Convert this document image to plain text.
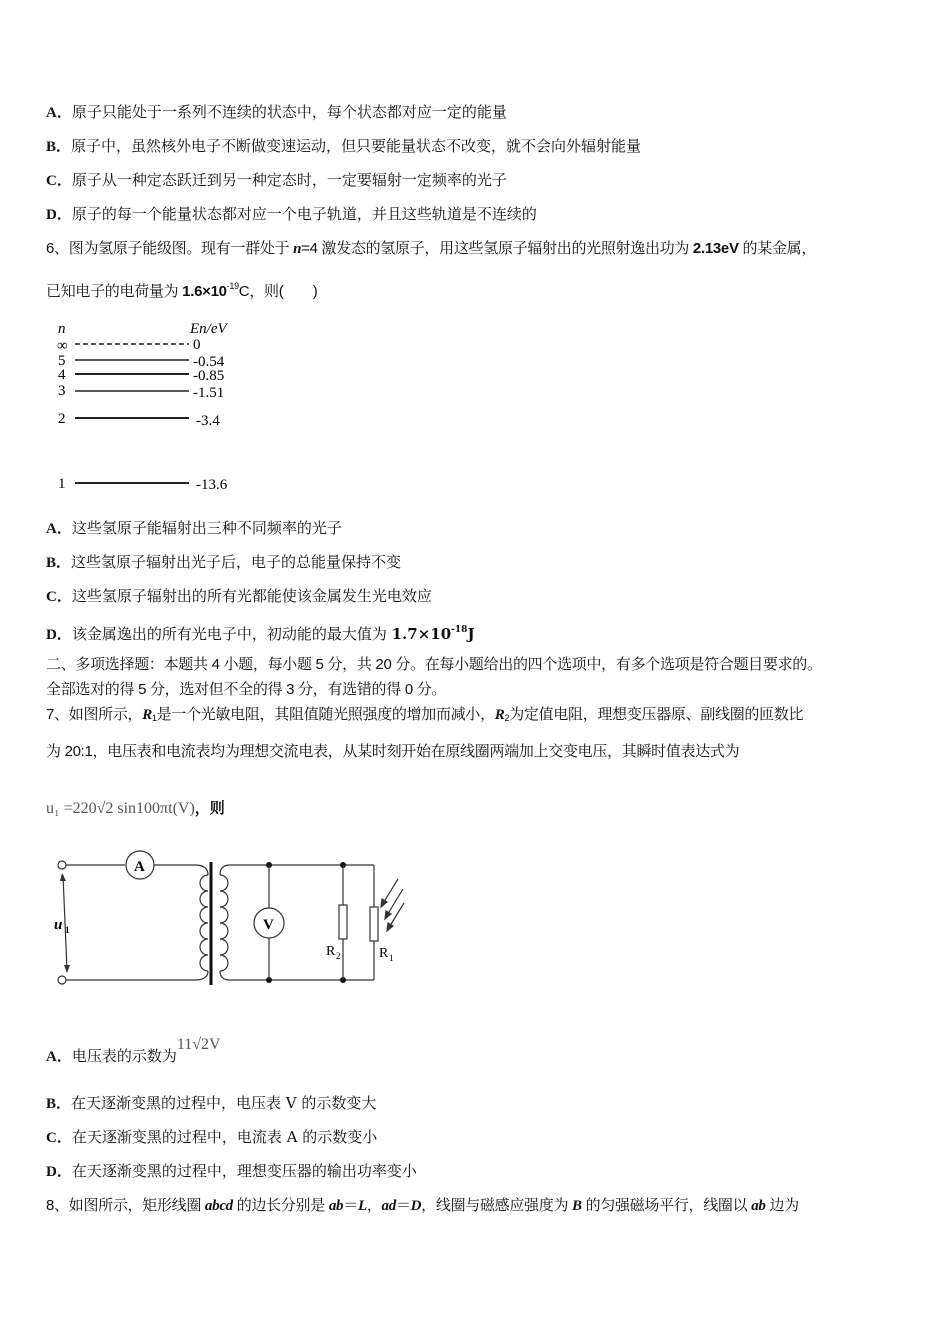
A．原子只能处于一系列不连续的状态中，每个状态都对应一定的能量
B．原子中，虽然核外电子不断做变速运动，但只要能量状态不改变，就不会向外辐射能量
C．原子从一种定态跃迁到另一种定态时，一定要辐射一定频率的光子
D．原子的每一个能量状态都对应一个电子轨道，并且这些轨道是不连续的
6、图为氢原子能级图。现有一群处于 n=4 激发态的氢原子，用这些氢原子辐射出的光照射逸出功为 2.13eV 的某金属，
已知电子的电荷量为 $1.6\times 10^{-19}C$，则(　　)
n	En/eV
∞	0
5	-0.54
4	-0.85
3	-1.51
2	-3.4
1	-13.6
A．这些氢原子能辐射出三种不同频率的光子
B．这些氢原子辐射出光子后，电子的总能量保持不变
C．这些氢原子辐射出的所有光都能使该金属发生光电效应
D．该金属逸出的所有光电子中，初动能的最大值为 $1.7\times 10^{-18}J$
二、多项选择题：本题共 4 小题，每小题 5 分，共 20 分。在每小题给出的四个选项中，有多个选项是符合题目要求的。
全部选对的得 5 分，选对但不全的得 3 分，有选错的得 0 分。
7、如图所示，$R_1$是一个光敏电阻，其阻值随光照强度的增加而减小，$R_2$为定值电阻，理想变压器原、副线圈的匝数比
为 20:1，电压表和电流表均为理想交流电表，从某时刻开始在原线圈两端加上交变电压，其瞬时值表达式为
u₁ =220√2 sin100πt(V)，则
u 1
A
V
R 2	R 1
A．电压表的示数为11√2V
B．在天逐渐变黑的过程中，电压表 V 的示数变大
C．在天逐渐变黑的过程中，电流表 A 的示数变小
D．在天逐渐变黑的过程中，理想变压器的输出功率变小
8、如图所示，矩形线圈 abcd 的边长分别是 ab＝L，ad＝D，线圈与磁感应强度为 B 的匀强磁场平行，线圈以 ab 边为
